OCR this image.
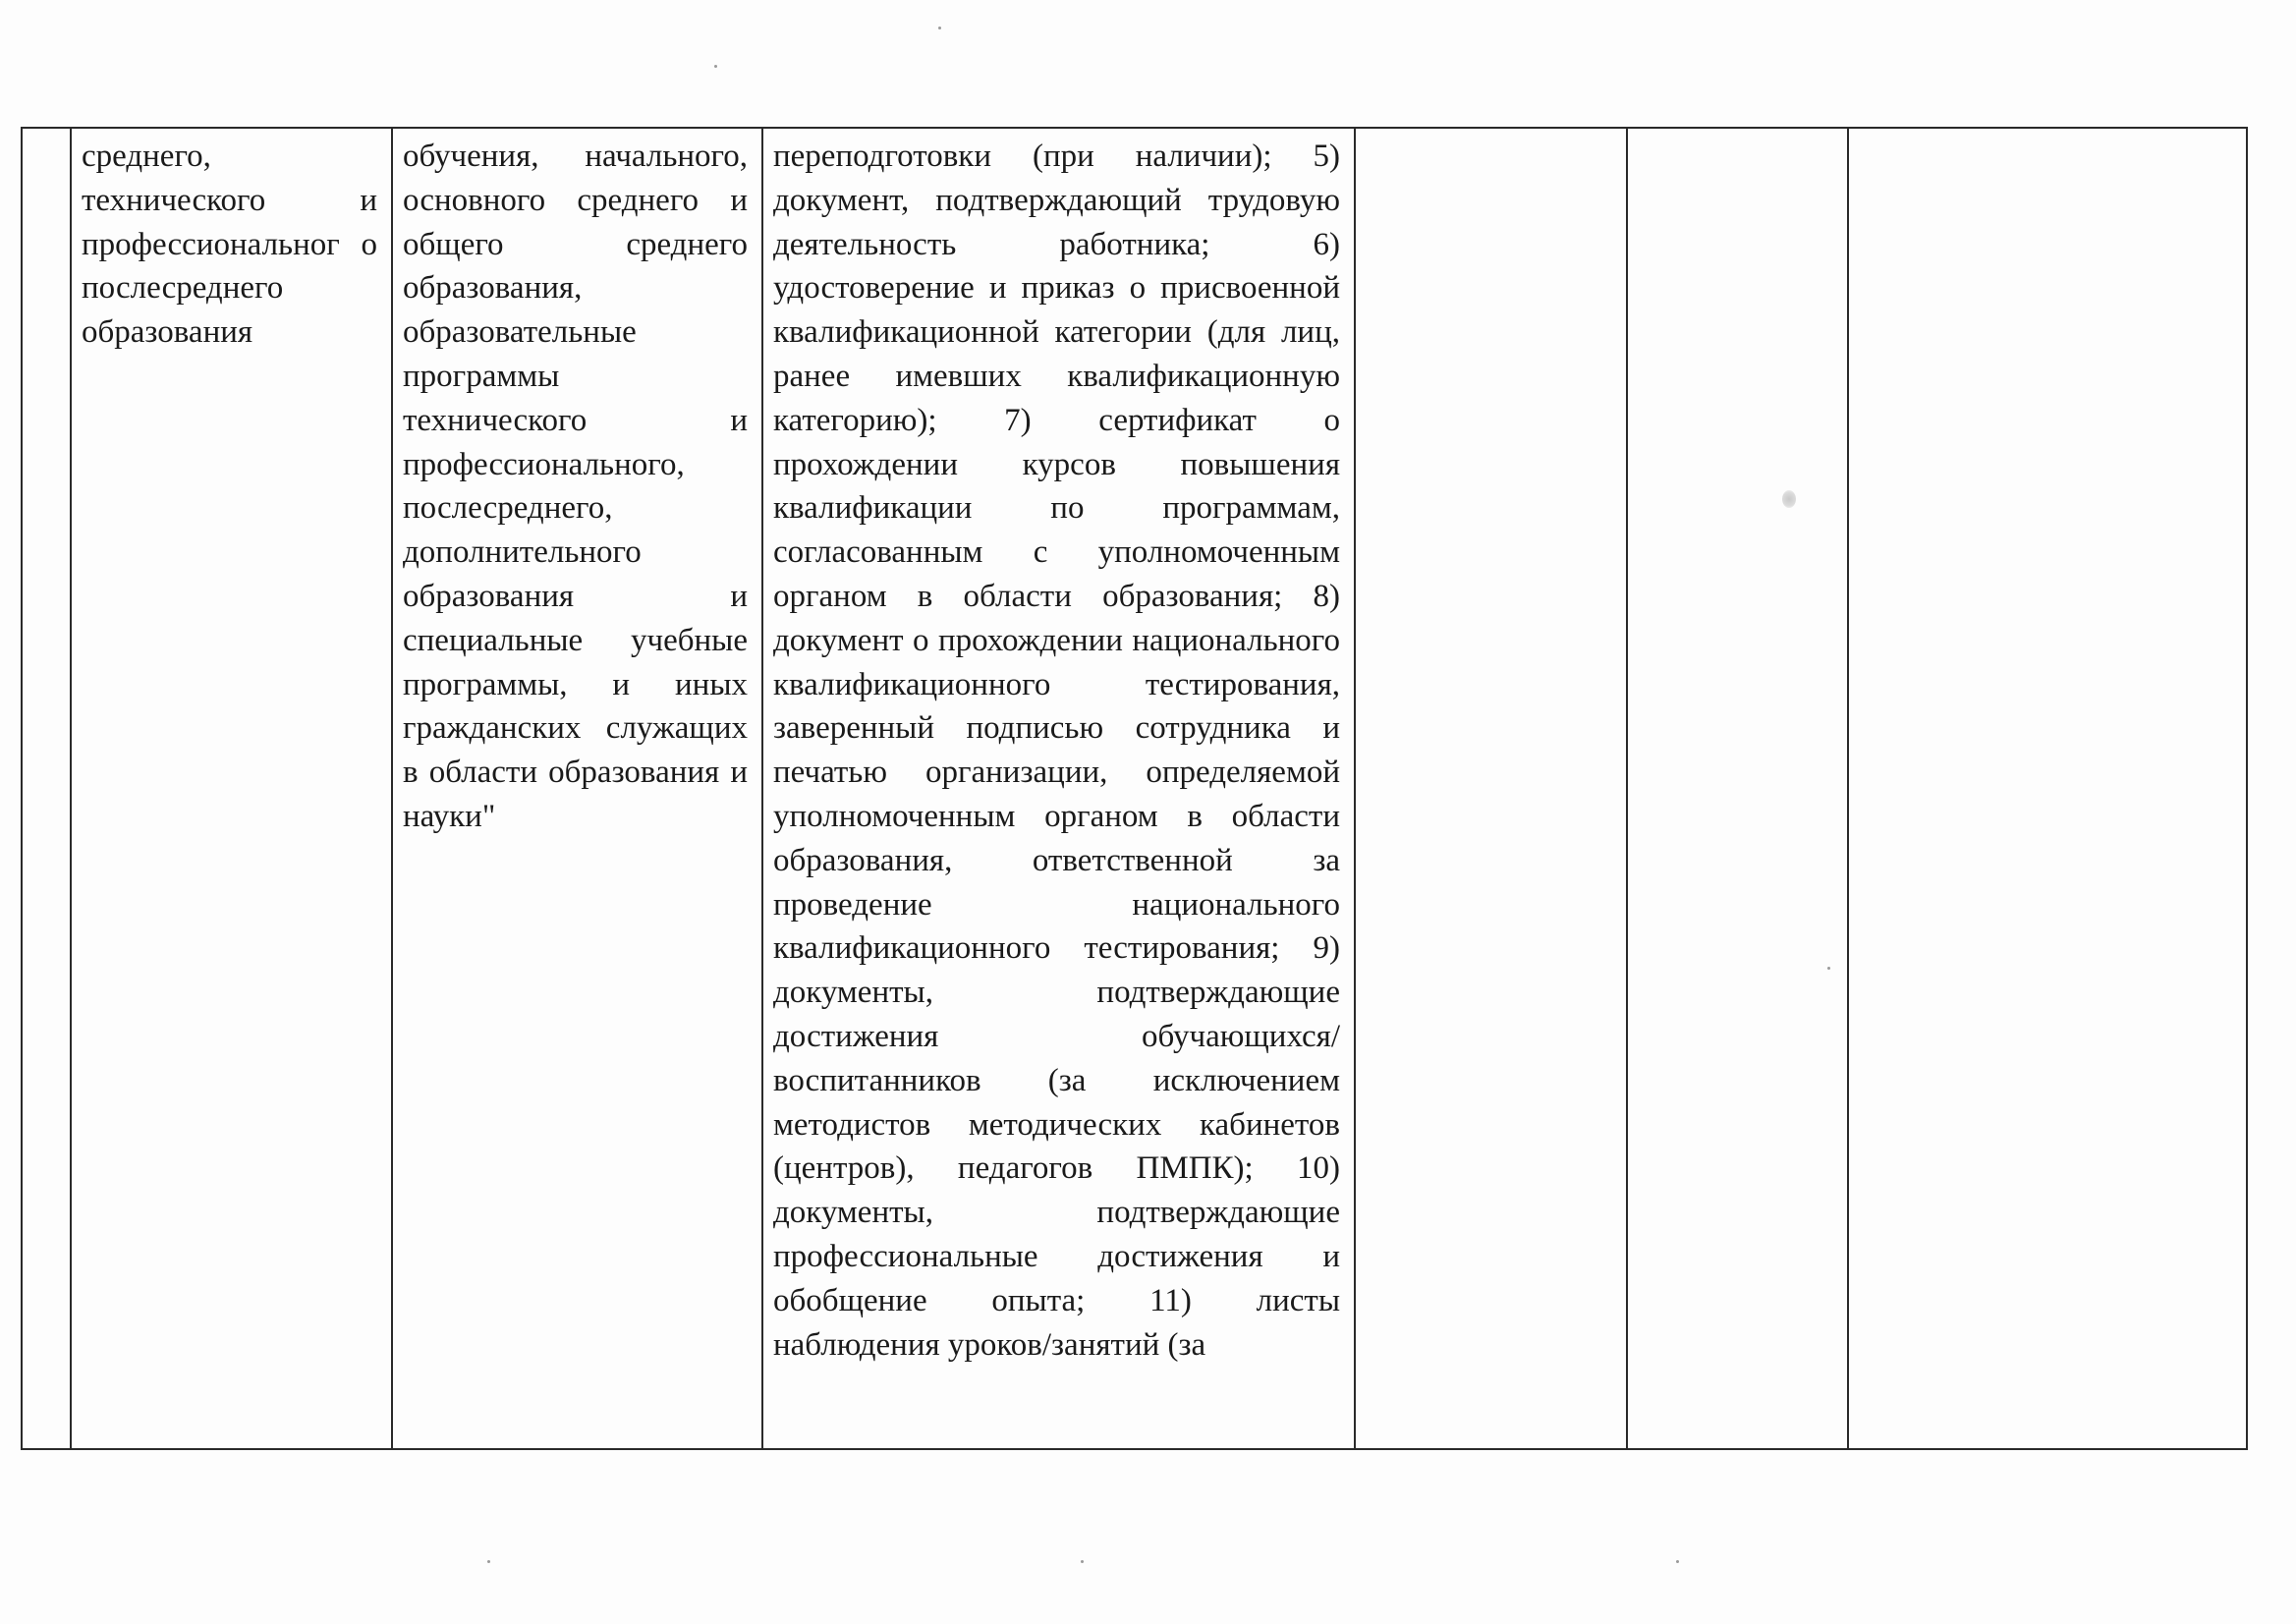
среднего, технического и профессиональног о послесреднего образования

обучения, начального, основного среднего и общего среднего образования, образовательные программы технического и профессионального, послесреднего, дополнительного образования и специальные учебные программы, и иных гражданских служащих в области образования и науки"

переподготовки (при наличии); 5) документ, подтверждающий трудовую деятельность работника; 6) удостоверение и приказ о присвоенной квалификационной категории (для лиц, ранее имевших квалификационную категорию); 7) сертификат о прохождении курсов повышения квалификации по программам, согласованным с уполномоченным органом в области образования; 8) документ о прохождении национального квалификационного тестирования, заверенный подписью сотрудника и печатью организации, определяемой уполномоченным органом в области образования, ответственной за проведение национального квалификационного тестирования; 9) документы, подтверждающие достижения обучающихся/воспитанников (за исключением методистов методических кабинетов (центров), педагогов ПМПК); 10) документы, подтверждающие профессиональные достижения и обобщение опыта; 11) листы наблюдения уроков/занятий (за
